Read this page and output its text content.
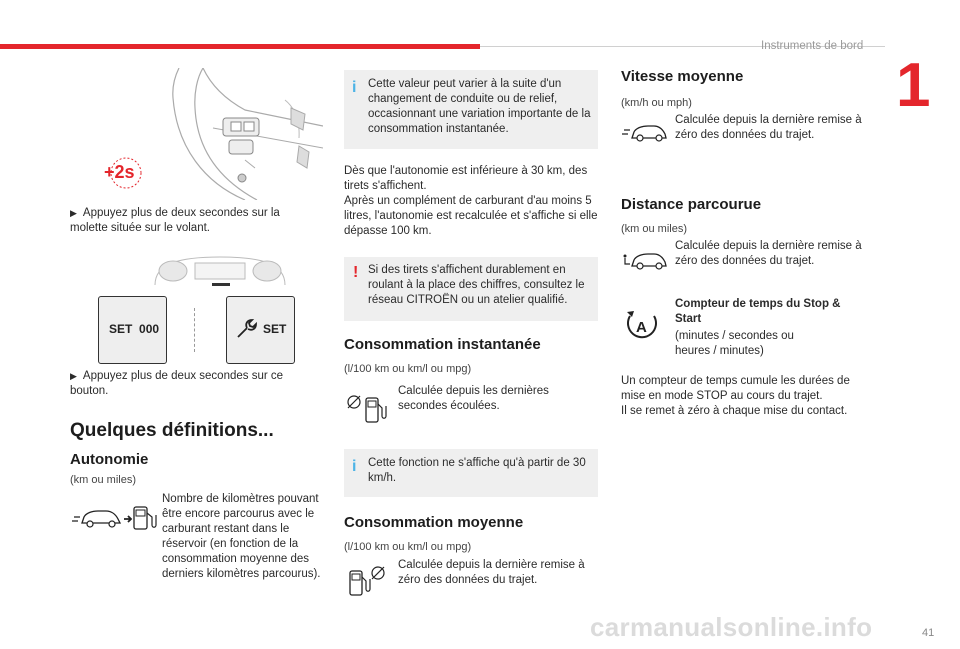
Instruments de bord
1
+2s
▶ Appuyez plus de deux secondes sur la molette située sur le volant.
SET 000	SET
▶ Appuyez plus de deux secondes sur ce bouton.
Quelques définitions...
Autonomie
(km ou miles)
Nombre de kilomètres pouvant être encore parcourus avec le carburant restant dans le réservoir (en fonction de la consommation moyenne des derniers kilomètres parcourus).
i Cette valeur peut varier à la suite d'un changement de conduite ou de relief, occasionnant une variation importante de la consommation instantanée.
Dès que l'autonomie est inférieure à 30 km, des tirets s'affichent.
Après un complément de carburant d'au moins 5 litres, l'autonomie est recalculée et s'affiche si elle dépasse 100 km.
! Si des tirets s'affichent durablement en roulant à la place des chiffres, consultez le réseau CITROËN ou un atelier qualifié.
Consommation instantanée
(l/100 km ou km/l ou mpg)
Calculée depuis les dernières secondes écoulées.
i Cette fonction ne s'affiche qu'à partir de 30 km/h.
Consommation moyenne
(l/100 km ou km/l ou mpg)
Calculée depuis la dernière remise à zéro des données du trajet.
Vitesse moyenne
(km/h ou mph)
Calculée depuis la dernière remise à zéro des données du trajet.
Distance parcourue
(km ou miles)
Calculée depuis la dernière remise à zéro des données du trajet.
A
Compteur de temps du Stop & Start
(minutes / secondes ou heures / minutes)
Un compteur de temps cumule les durées de mise en mode STOP au cours du trajet.
Il se remet à zéro à chaque mise du contact.
carmanualsonline.info	41
